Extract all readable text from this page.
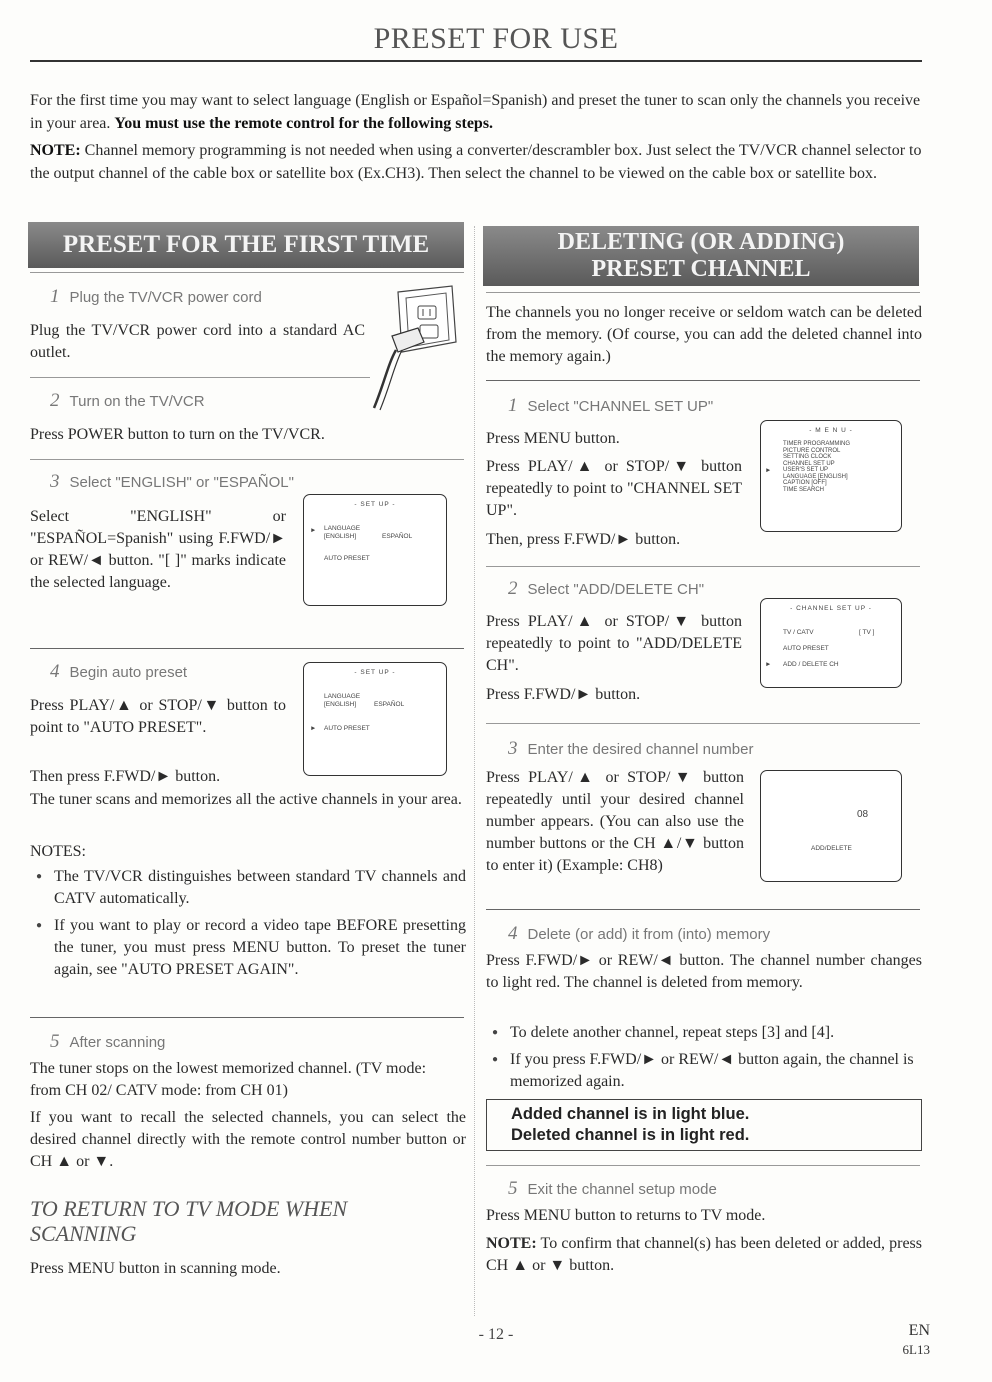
PRESET FOR USE
For the first time you may want to select language (English or Español=Spanish) and preset the tuner to scan only the channels you receive in your area. You must use the remote control for the following steps.
NOTE: Channel memory programming is not needed when using a converter/descrambler box. Just select the TV/VCR channel selector to the output channel of the cable box or satellite box (Ex.CH3). Then select the channel to be viewed on the cable box or satellite box.
PRESET FOR THE FIRST TIME
1 Plug the TV/VCR power cord
Plug the TV/VCR power cord into a standard AC outlet.
2 Turn on the TV/VCR
Press POWER button to turn on the TV/VCR.
3 Select "ENGLISH" or "ESPAÑOL"
Select "ENGLISH" or "ESPAÑOL=Spanish" using F.FWD/► or REW/◄ button. "[ ]" marks indicate the selected language.
- SET UP -
► LANGUAGE
[ENGLISH]	ESPAÑOL
AUTO PRESET
4 Begin auto preset
Press PLAY/▲ or STOP/▼ button to point to "AUTO PRESET".
Then press F.FWD/► button.
The tuner scans and memorizes all the active channels in your area.
- SET UP -
LANGUAGE
[ENGLISH]	ESPAÑOL
► AUTO PRESET
NOTES:
● The TV/VCR distinguishes between standard TV channels and CATV automatically.
● If you want to play or record a video tape BEFORE presetting the tuner, you must press MENU button. To preset the tuner again, see "AUTO PRESET AGAIN".
5 After scanning
The tuner stops on the lowest memorized channel. (TV mode: from CH 02/ CATV mode: from CH 01)
If you want to recall the selected channels, you can select the desired channel directly with the remote control number button or CH ▲ or ▼.
TO RETURN TO TV MODE WHEN SCANNING
Press MENU button in scanning mode.
DELETING (OR ADDING)
PRESET CHANNEL
The channels you no longer receive or seldom watch can be deleted from the memory. (Of course, you can add the deleted channel into the memory again.)
1 Select "CHANNEL SET UP"
Press MENU button.
Press PLAY/▲ or STOP/▼ button repeatedly to point to "CHANNEL SET UP".
Then, press F.FWD/► button.
- M E N U -
►
TIMER PROGRAMMING
PICTURE CONTROL
SETTING CLOCK
CHANNEL SET UP
USER'S SET UP
LANGUAGE [ENGLISH]
CAPTION [OFF]
TIME SEARCH
2 Select "ADD/DELETE CH"
Press PLAY/▲ or STOP/▼ button repeatedly to point to "ADD/DELETE CH".
Press F.FWD/► button.
- CHANNEL SET UP -
TV / CATV	[ TV ]
AUTO PRESET
► ADD / DELETE CH
3 Enter the desired channel number
Press PLAY/▲ or STOP/▼ button repeatedly until your desired channel number appears. (You can also use the number buttons or the CH ▲/▼ button to enter it) (Example: CH8)
08
ADD/DELETE
4 Delete (or add) it from (into) memory
Press F.FWD/► or REW/◄ button. The channel number changes to light red. The channel is deleted from memory.
● To delete another channel, repeat steps [3] and [4].
● If you press F.FWD/► or REW/◄ button again, the channel is memorized again.
Added channel is in light blue.
Deleted channel is in light red.
5 Exit the channel setup mode
Press MENU button to returns to TV mode.
NOTE: To confirm that channel(s) has been deleted or added, press CH ▲ or ▼ button.
- 12 -	EN
6L13
